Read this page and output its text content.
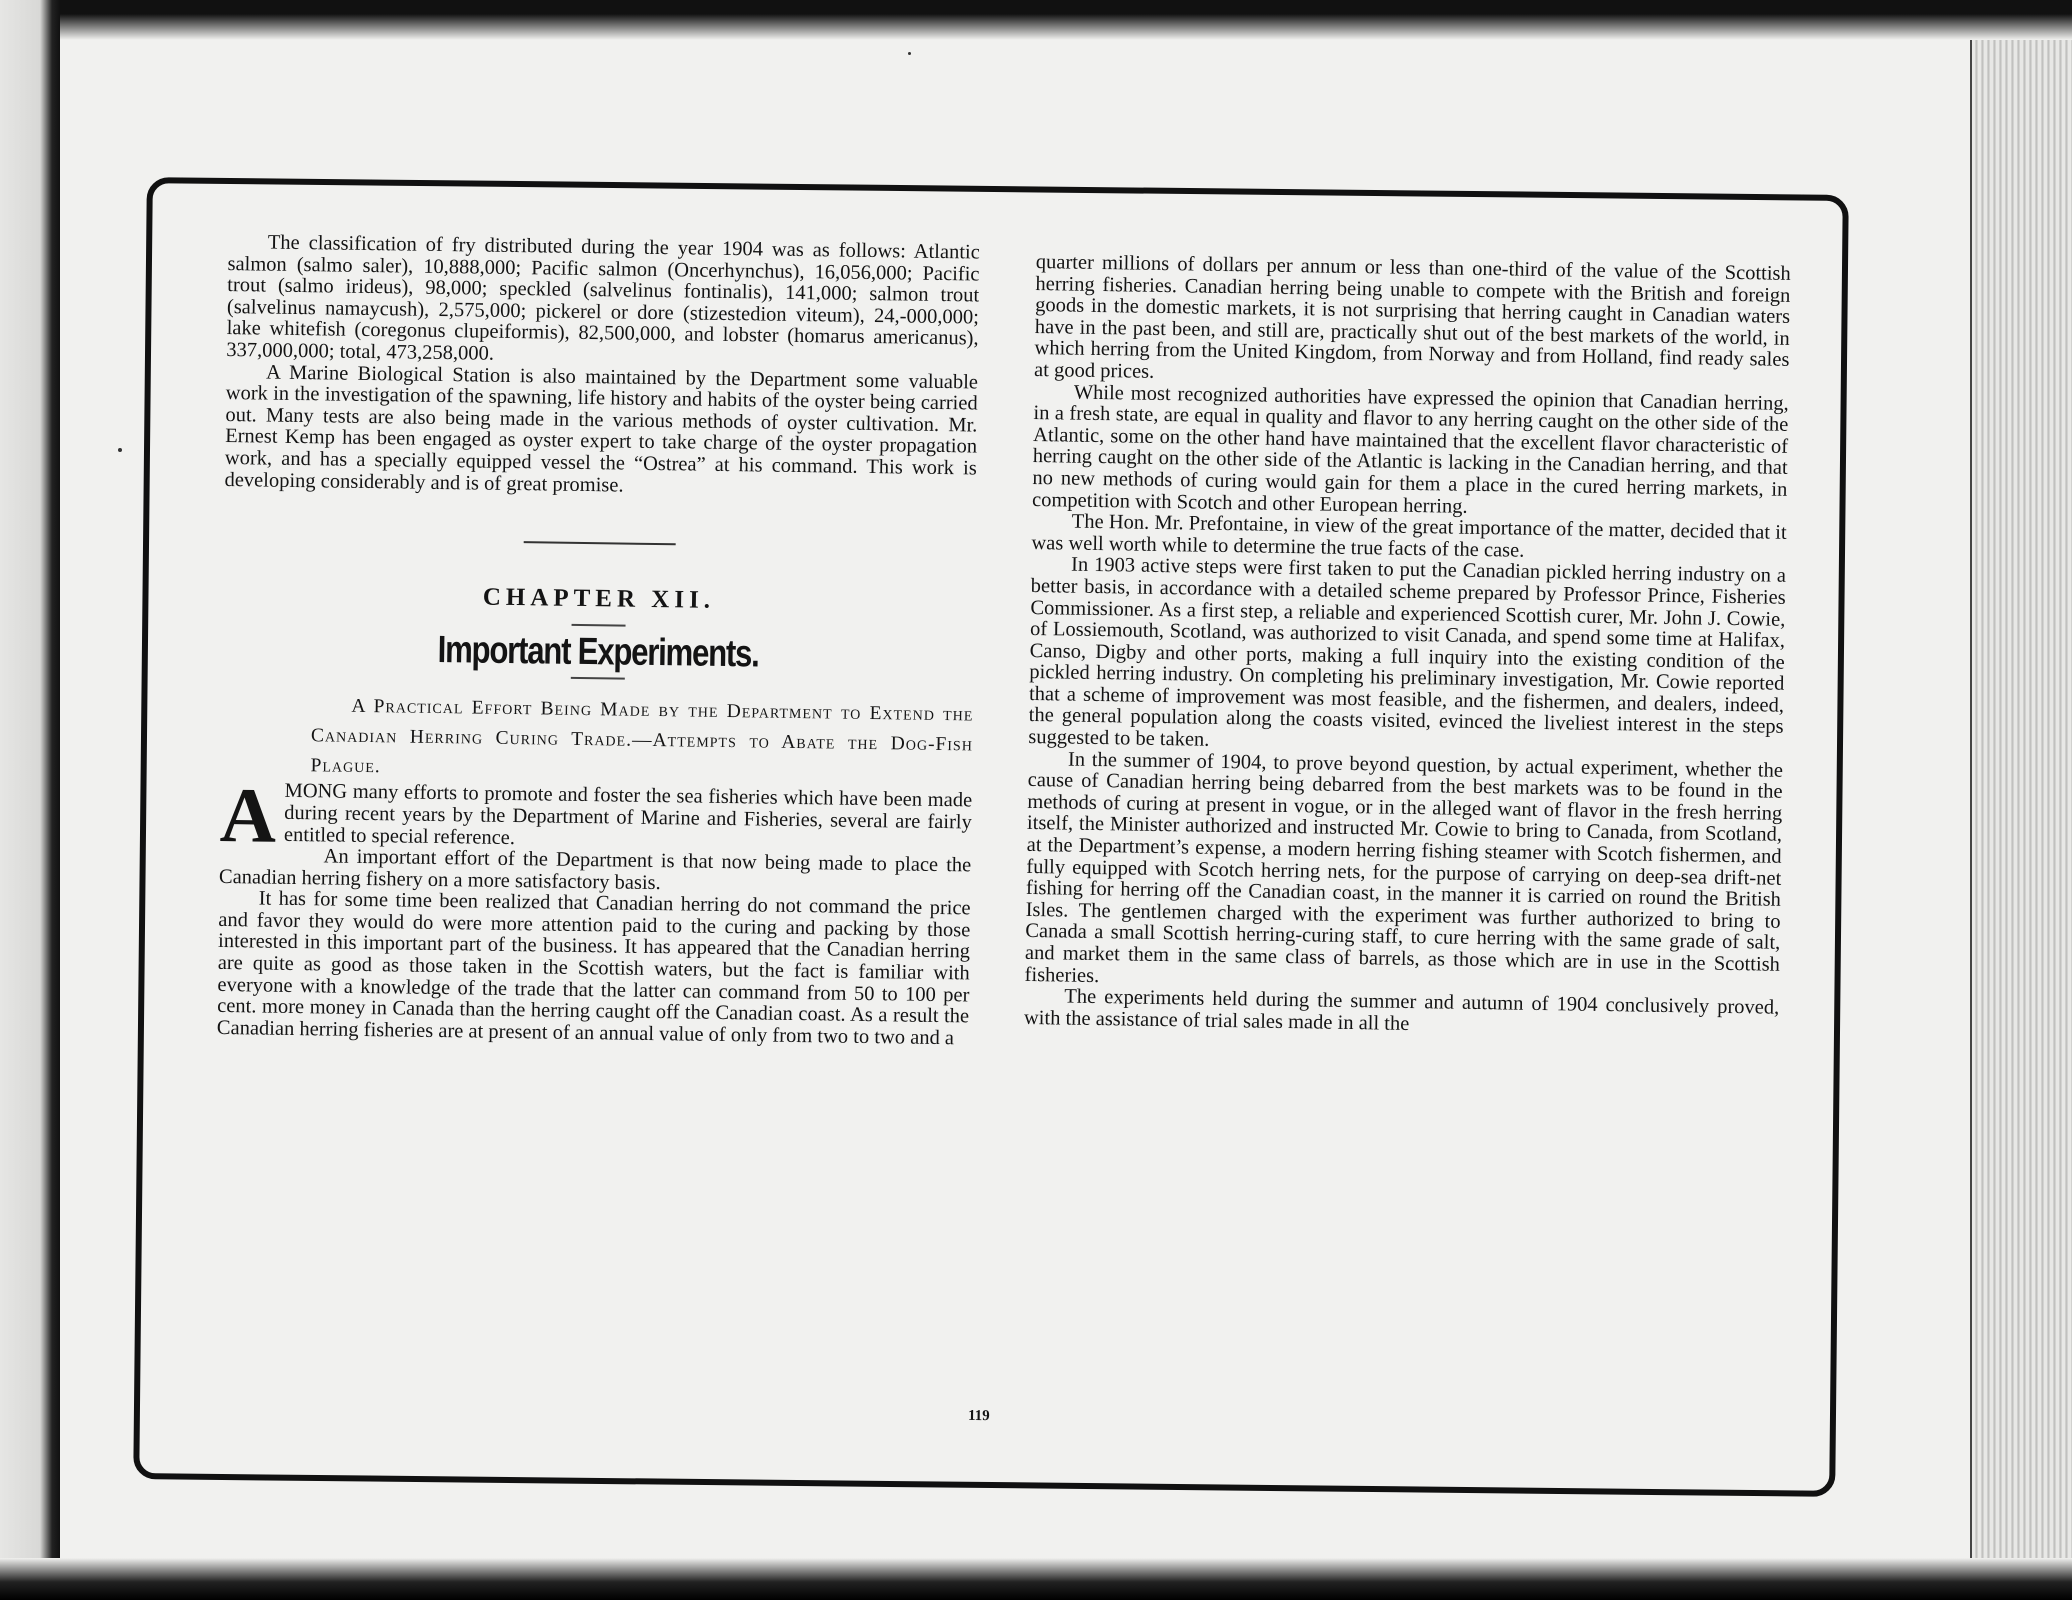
The classification of fry distributed during the year 1904 was as follows: Atlantic salmon (salmo saler), 10,888,000; Pacific salmon (Oncerhynchus), 16,056,000; Pacific trout (salmo irideus), 98,000; speckled (salvelinus fontinalis), 141,000; salmon trout (salvelinus namaycush), 2,575,000; pickerel or dore (stizestedion viteum), 24,-000,000; lake whitefish (coregonus clupeiformis), 82,500,000, and lobster (homarus americanus), 337,000,000; total, 473,258,000.

A Marine Biological Station is also maintained by the Department some valuable work in the investigation of the spawning, life history and habits of the oyster being carried out. Many tests are also being made in the various methods of oyster cultivation. Mr. Ernest Kemp has been engaged as oyster expert to take charge of the oyster propagation work, and has a specially equipped vessel the “Ostrea” at his command. This work is developing considerably and is of great promise.

CHAPTER XII.
Important Experiments.

A Practical Effort Being Made by the Department to Extend the Canadian Herring Curing Trade.—Attempts to Abate the Dog-Fish Plague.

AMONG many efforts to promote and foster the sea fisheries which have been made during recent years by the Department of Marine and Fisheries, several are fairly entitled to special reference.

An important effort of the Department is that now being made to place the Canadian herring fishery on a more satisfactory basis.

It has for some time been realized that Canadian herring do not command the price and favor they would do were more attention paid to the curing and packing by those interested in this important part of the business. It has appeared that the Canadian herring are quite as good as those taken in the Scottish waters, but the fact is familiar with everyone with a knowledge of the trade that the latter can command from 50 to 100 per cent. more money in Canada than the herring caught off the Canadian coast. As a result the Canadian herring fisheries are at present of an annual value of only from two to two and a

quarter millions of dollars per annum or less than one-third of the value of the Scottish herring fisheries. Canadian herring being unable to compete with the British and foreign goods in the domestic markets, it is not surprising that herring caught in Canadian waters have in the past been, and still are, practically shut out of the best markets of the world, in which herring from the United Kingdom, from Norway and from Holland, find ready sales at good prices.

While most recognized authorities have expressed the opinion that Canadian herring, in a fresh state, are equal in quality and flavor to any herring caught on the other side of the Atlantic, some on the other hand have maintained that the excellent flavor characteristic of herring caught on the other side of the Atlantic is lacking in the Canadian herring, and that no new methods of curing would gain for them a place in the cured herring markets, in competition with Scotch and other European herring.

The Hon. Mr. Prefontaine, in view of the great importance of the matter, decided that it was well worth while to determine the true facts of the case.

In 1903 active steps were first taken to put the Canadian pickled herring industry on a better basis, in accordance with a detailed scheme prepared by Professor Prince, Fisheries Commissioner. As a first step, a reliable and experienced Scottish curer, Mr. John J. Cowie, of Lossiemouth, Scotland, was authorized to visit Canada, and spend some time at Halifax, Canso, Digby and other ports, making a full inquiry into the existing condition of the pickled herring industry. On completing his preliminary investigation, Mr. Cowie reported that a scheme of improvement was most feasible, and the fishermen, and dealers, indeed, the general population along the coasts visited, evinced the liveliest interest in the steps suggested to be taken.

In the summer of 1904, to prove beyond question, by actual experiment, whether the cause of Canadian herring being debarred from the best markets was to be found in the methods of curing at present in vogue, or in the alleged want of flavor in the fresh herring itself, the Minister authorized and instructed Mr. Cowie to bring to Canada, from Scotland, at the Department’s expense, a modern herring fishing steamer with Scotch fishermen, and fully equipped with Scotch herring nets, for the purpose of carrying on deep-sea drift-net fishing for herring off the Canadian coast, in the manner it is carried on round the British Isles. The gentlemen charged with the experiment was further authorized to bring to Canada a small Scottish herring-curing staff, to cure herring with the same grade of salt, and market them in the same class of barrels, as those which are in use in the Scottish fisheries.

The experiments held during the summer and autumn of 1904 conclusively proved, with the assistance of trial sales made in all the

119
